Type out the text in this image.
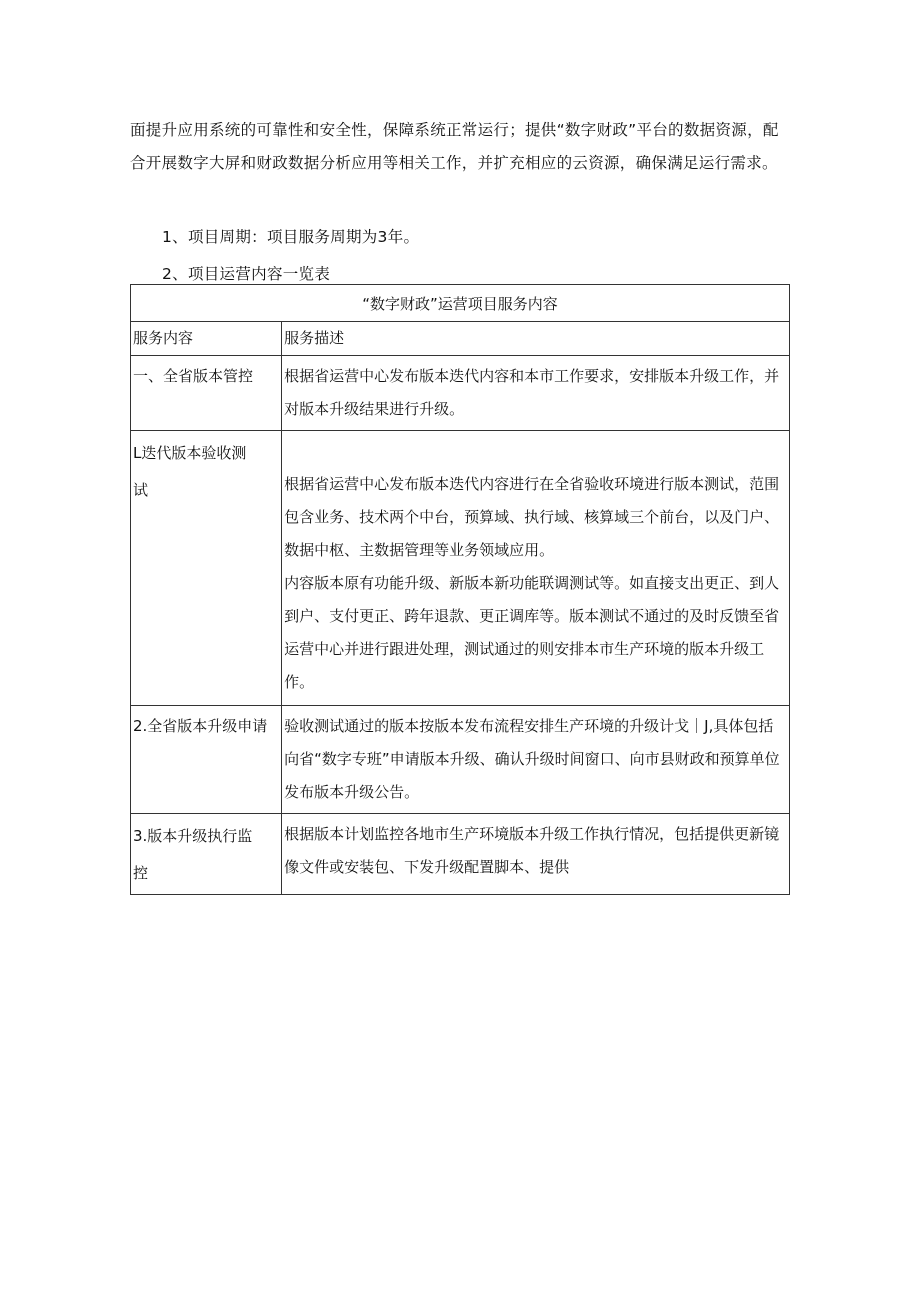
面提升应用系统的可靠性和安全性，保障系统正常运行；提供“数字财政”平台的数据资源，配合开展数字大屏和财政数据分析应用等相关工作，并扩充相应的云资源，确保满足运行需求。
1、项目周期：项目服务周期为3年。
2、项目运营内容一览表
“数字财政”运营项目服务内容	
服务内容	服务描述
一、全省版本管控	根据省运营中心发布版本迭代内容和本市工作要求，安排版本升级工作，并对版本升级结果进行升级。

L迭代版本验收测试	根据省运营中心发布版本迭代内容进行在全省验收环境进行版本测试，范围包含业务、技术两个中台，预算域、执行域、核算域三个前台，以及门户、数据中枢、主数据管理等业务领域应用。
内容版本原有功能升级、新版本新功能联调测试等。如直接支出更正、到人到户、支付更正、跨年退款、更正调库等。版本测试不通过的及时反馈至省运营中心并进行跟进处理，测试通过的则安排本市生产环境的版本升级工作。

2.全省版本升级申请	验收测试通过的版本按版本发布流程安排生产环境的升级计戈｜J,具体包括向省“数字专班”申请版本升级、确认升级时间窗口、向市县财政和预算单位发布版本升级公告。

3.版本升级执行监控	根据版本计划监控各地市生产环境版本升级工作执行情况，包括提供更新镜像文件或安装包、下发升级配置脚本、提供
